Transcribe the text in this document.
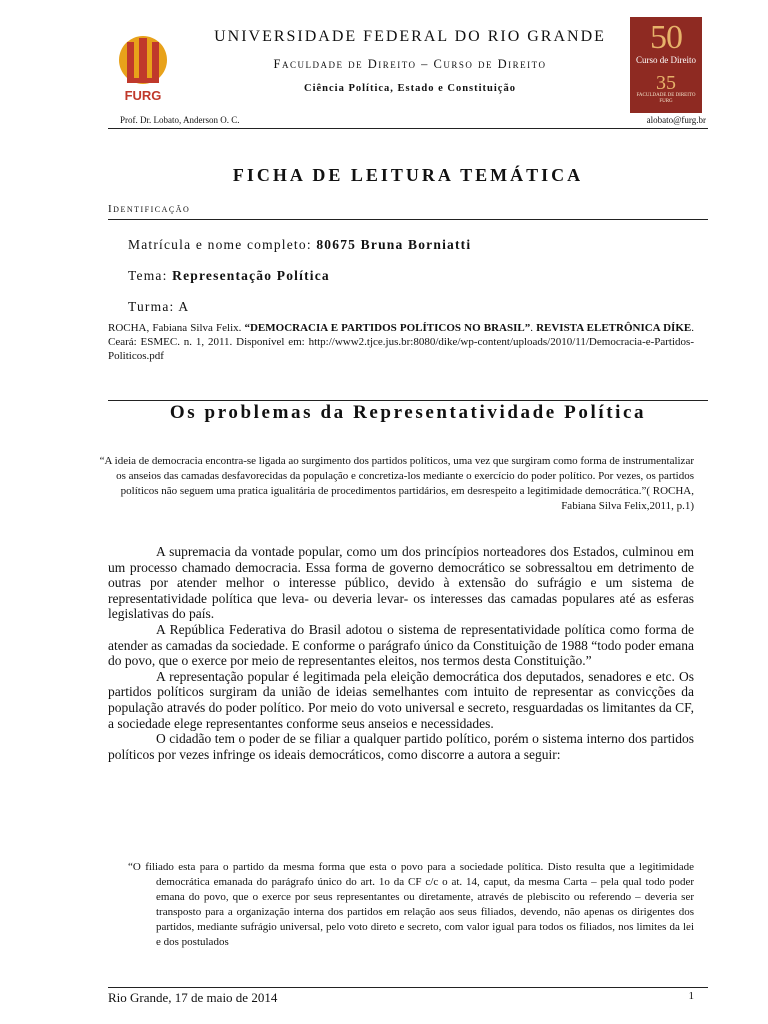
FURG
UNIVERSIDADE FEDERAL DO RIO GRANDE
Faculdade de Direito – Curso de Direito
Ciência Política, Estado e Constituição
50
Curso de Direito
35
FACULDADE DE DIREITO FURG
Prof. Dr. Lobato, Anderson O. C.	alobato@furg.br
FICHA DE LEITURA TEMÁTICA
Identificação
Matrícula e nome completo: 80675 Bruna Borniatti
Tema: Representação Política
Turma: A
ROCHA, Fabiana Silva Felix. “DEMOCRACIA E PARTIDOS POLÍTICOS NO BRASIL”. REVISTA ELETRÔNICA DÍKE. Ceará: ESMEC. n. 1, 2011. Disponível em: http://www2.tjce.jus.br:8080/dike/wp-content/uploads/2010/11/Democracia-e-Partidos-Politicos.pdf
Os problemas da Representatividade Política
“A ideia de democracia encontra-se ligada ao surgimento dos partidos políticos, uma vez que surgiram como forma de instrumentalizar os anseios das camadas desfavorecidas da população e concretiza-los mediante o exercício do poder político. Por vezes, os partidos políticos não seguem uma pratica igualitária de procedimentos partidários, em desrespeito a legitimidade democrática.”( ROCHA, Fabiana Silva Felix,2011, p.1)

A supremacia da vontade popular, como um dos princípios norteadores dos Estados, culminou em um processo chamado democracia. Essa forma de governo democrático se sobressaltou em detrimento de outras por atender melhor o interesse público, devido à extensão do sufrágio e um sistema de representatividade política que leva- ou deveria levar- os interesses das camadas populares até as esferas legislativas do país.

A República Federativa do Brasil adotou o sistema de representatividade política como forma de atender as camadas da sociedade. E conforme o parágrafo único da Constituição de 1988 “todo poder emana do povo, que o exerce por meio de representantes eleitos, nos termos desta Constituição.”

A representação popular é legitimada pela eleição democrática dos deputados, senadores e etc. Os partidos políticos surgiram da união de ideias semelhantes com intuito de representar as convicções da população através do poder político. Por meio do voto universal e secreto, resguardadas os limitantes da CF, a sociedade elege representantes conforme seus anseios e necessidades.

O cidadão tem o poder de se filiar a qualquer partido político, porém o sistema interno dos partidos políticos por vezes infringe os ideais democráticos, como discorre a autora a seguir:

“O filiado esta para o partido da mesma forma que esta o povo para a sociedade política. Disto resulta que a legitimidade democrática emanada do parágrafo único do art. 1o da CF c/c o at. 14, caput, da mesma Carta – pela qual todo poder emana do povo, que o exerce por seus representantes ou diretamente, através de plebiscito ou referendo – deveria ser transposto para a organização interna dos partidos em relação aos seus filiados, devendo, não apenas os dirigentes dos partidos, mediante sufrágio universal, pelo voto direto e secreto, com valor igual para todos os filiados, nos limites da lei e dos postulados
Rio Grande, 17 de maio de 2014	1
